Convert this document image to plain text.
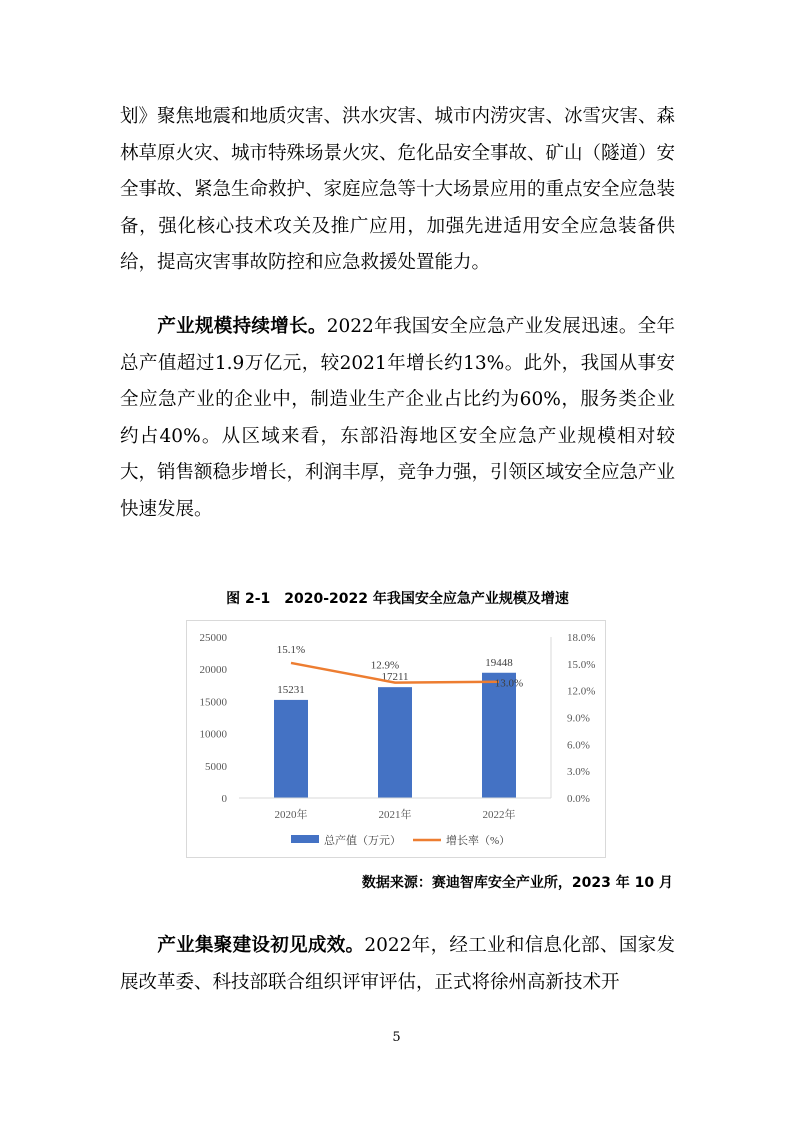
划》聚焦地震和地质灾害、洪水灾害、城市内涝灾害、冰雪灾害、森林草原火灾、城市特殊场景火灾、危化品安全事故、矿山（隧道）安全事故、紧急生命救护、家庭应急等十大场景应用的重点安全应急装备，强化核心技术攻关及推广应用，加强先进适用安全应急装备供给，提高灾害事故防控和应急救援处置能力。

产业规模持续增长。2022年我国安全应急产业发展迅速。全年总产值超过1.9万亿元，较2021年增长约13%。此外，我国从事安全应急产业的企业中，制造业生产企业占比约为60%，服务类企业约占40%。从区域来看，东部沿海地区安全应急产业规模相对较大，销售额稳步增长，利润丰厚，竞争力强，引领区域安全应急产业快速发展。

图 2-1 2020-2022 年我国安全应急产业规模及增速
0
5000
10000
15000
20000
25000
0.0%
3.0%
6.0%
9.0%
12.0%
15.0%
18.0%
15231
17211
19448
2020年	2021年	2022年
15.1%
12.9%
13.0%
总产值（万元）	增长率（%）
数据来源：赛迪智库安全产业所，2023 年 10 月

产业集聚建设初见成效。2022年，经工业和信息化部、国家发展改革委、科技部联合组织评审评估，正式将徐州高新技术开

5
